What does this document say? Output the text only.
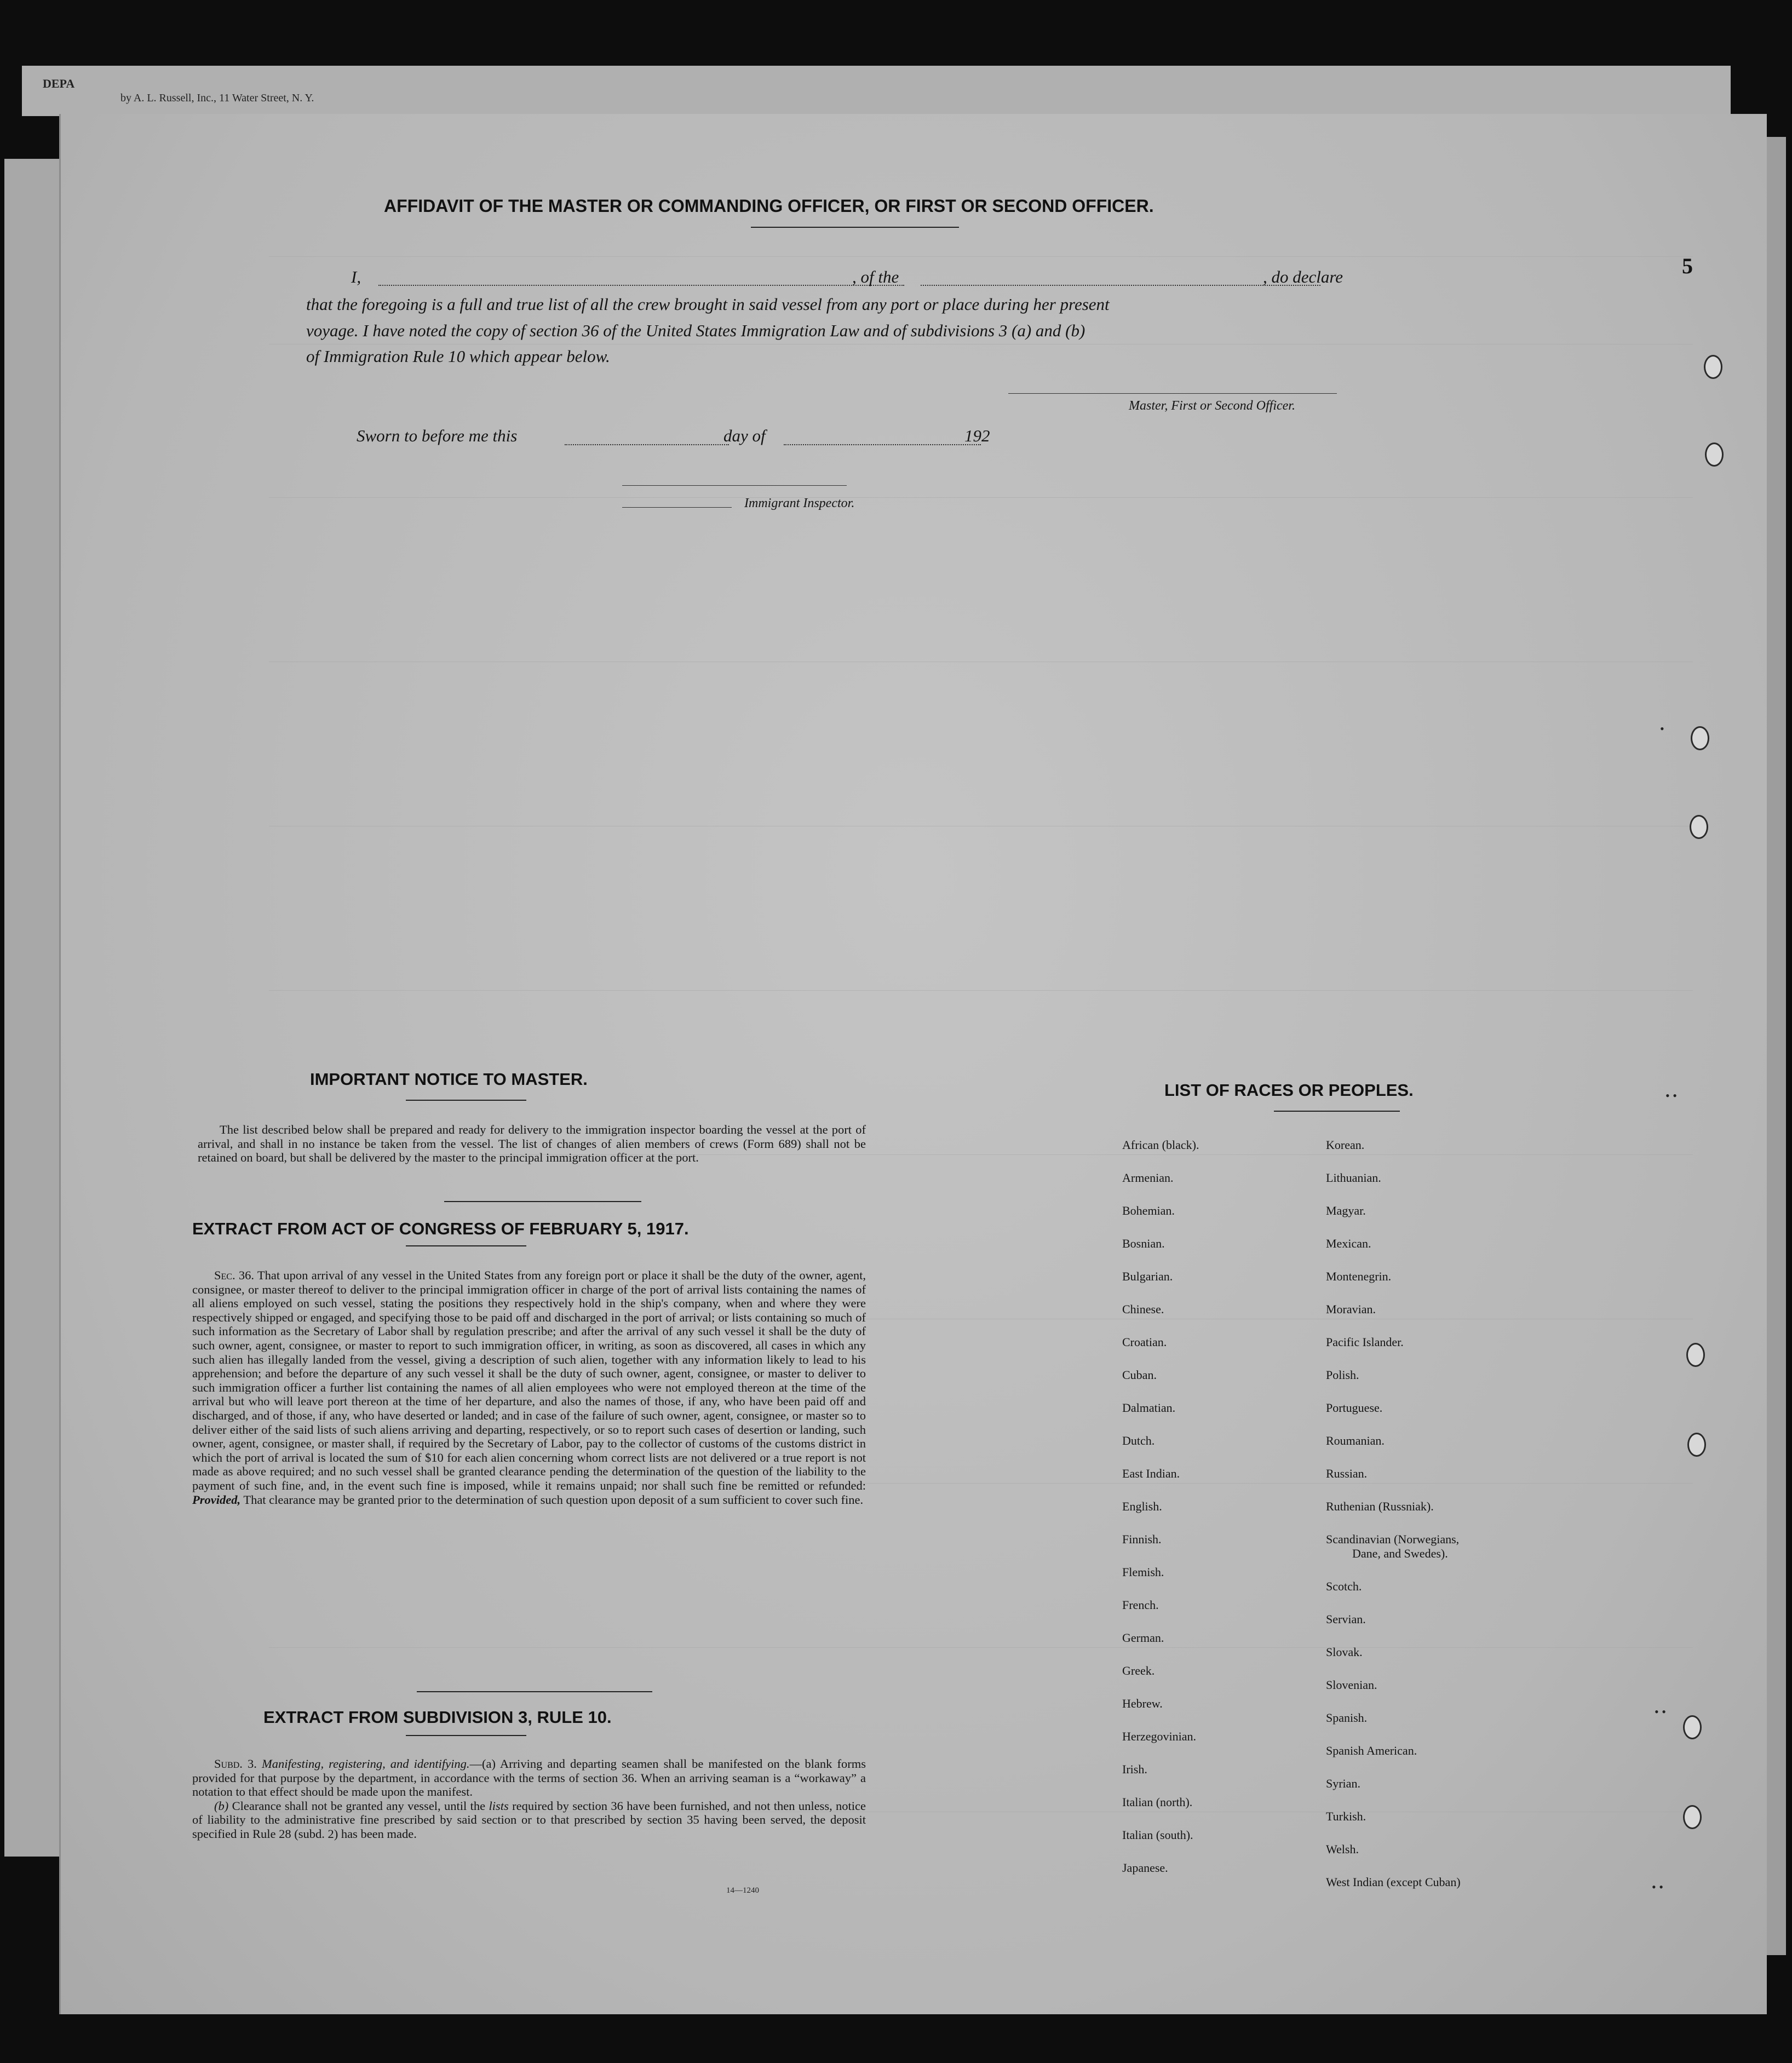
DEPA
by A. L. Russell, Inc., 11 Water Street, N. Y.
5
AFFIDAVIT OF THE MASTER OR COMMANDING OFFICER, OR FIRST OR SECOND OFFICER.
I,	, of the	, do declare
that the foregoing is a full and true list of all the crew brought in said vessel from any port or place during her present
voyage. I have noted the copy of section 36 of the United States Immigration Law and of subdivisions 3 (a) and (b)
of Immigration Rule 10 which appear below.
Master, First or Second Officer.
Sworn to before me this	day of	192
Immigrant Inspector.
IMPORTANT NOTICE TO MASTER.

The list described below shall be prepared and ready for delivery to the immigration inspector boarding the vessel at the port of arrival, and shall in no instance be taken from the vessel. The list of changes of alien members of crews (Form 689) shall not be retained on board, but shall be delivered by the master to the principal immigration officer at the port.

EXTRACT FROM ACT OF CONGRESS OF FEBRUARY 5, 1917.

Sec. 36. That upon arrival of any vessel in the United States from any foreign port or place it shall be the duty of the owner, agent, consignee, or master thereof to deliver to the principal immigration officer in charge of the port of arrival lists containing the names of all aliens employed on such vessel, stating the positions they respectively hold in the ship's company, when and where they were respectively shipped or engaged, and specifying those to be paid off and discharged in the port of arrival; or lists containing so much of such information as the Secretary of Labor shall by regulation prescribe; and after the arrival of any such vessel it shall be the duty of such owner, agent, consignee, or master to report to such immigration officer, in writing, as soon as discovered, all cases in which any such alien has illegally landed from the vessel, giving a description of such alien, together with any information likely to lead to his apprehension; and before the departure of any such vessel it shall be the duty of such owner, agent, consignee, or master to deliver to such immigration officer a further list containing the names of all alien employees who were not employed thereon at the time of the arrival but who will leave port thereon at the time of her departure, and also the names of those, if any, who have been paid off and discharged, and of those, if any, who have deserted or landed; and in case of the failure of such owner, agent, consignee, or master so to deliver either of the said lists of such aliens arriving and departing, respectively, or so to report such cases of desertion or landing, such owner, agent, consignee, or master shall, if required by the Secretary of Labor, pay to the collector of customs of the customs district in which the port of arrival is located the sum of $10 for each alien concerning whom correct lists are not delivered or a true report is not made as above required; and no such vessel shall be granted clearance pending the determination of the question of the liability to the payment of such fine, and, in the event such fine is imposed, while it remains unpaid; nor shall such fine be remitted or refunded: Provided, That clearance may be granted prior to the determination of such question upon deposit of a sum sufficient to cover such fine.

EXTRACT FROM SUBDIVISION 3, RULE 10.

Subd. 3. Manifesting, registering, and identifying.—(a) Arriving and departing seamen shall be manifested on the blank forms provided for that purpose by the department, in accordance with the terms of section 36. When an arriving seaman is a “workaway” a notation to that effect should be made upon the manifest.

(b) Clearance shall not be granted any vessel, until the lists required by section 36 have been furnished, and not then unless, notice of liability to the administrative fine prescribed by said section or to that prescribed by section 35 having been served, the deposit specified in Rule 28 (subd. 2) has been made.

14—1240
LIST OF RACES OR PEOPLES.
African (black).
Armenian.
Bohemian.
Bosnian.
Bulgarian.
Chinese.
Croatian.
Cuban.
Dalmatian.
Dutch.
East Indian.
English.
Finnish.
Flemish.
French.
German.
Greek.
Hebrew.
Herzegovinian.
Irish.
Italian (north).
Italian (south).
Japanese.
Korean.
Lithuanian.
Magyar.
Mexican.
Montenegrin.
Moravian.
Pacific Islander.
Polish.
Portuguese.
Roumanian.
Russian.
Ruthenian (Russniak).
Scandinavian (Norwegians,
Dane, and Swedes).
Scotch.
Servian.
Slovak.
Slovenian.
Spanish.
Spanish American.
Syrian.
Turkish.
Welsh.
West Indian (except Cuban)
•
• •
• •
• •
